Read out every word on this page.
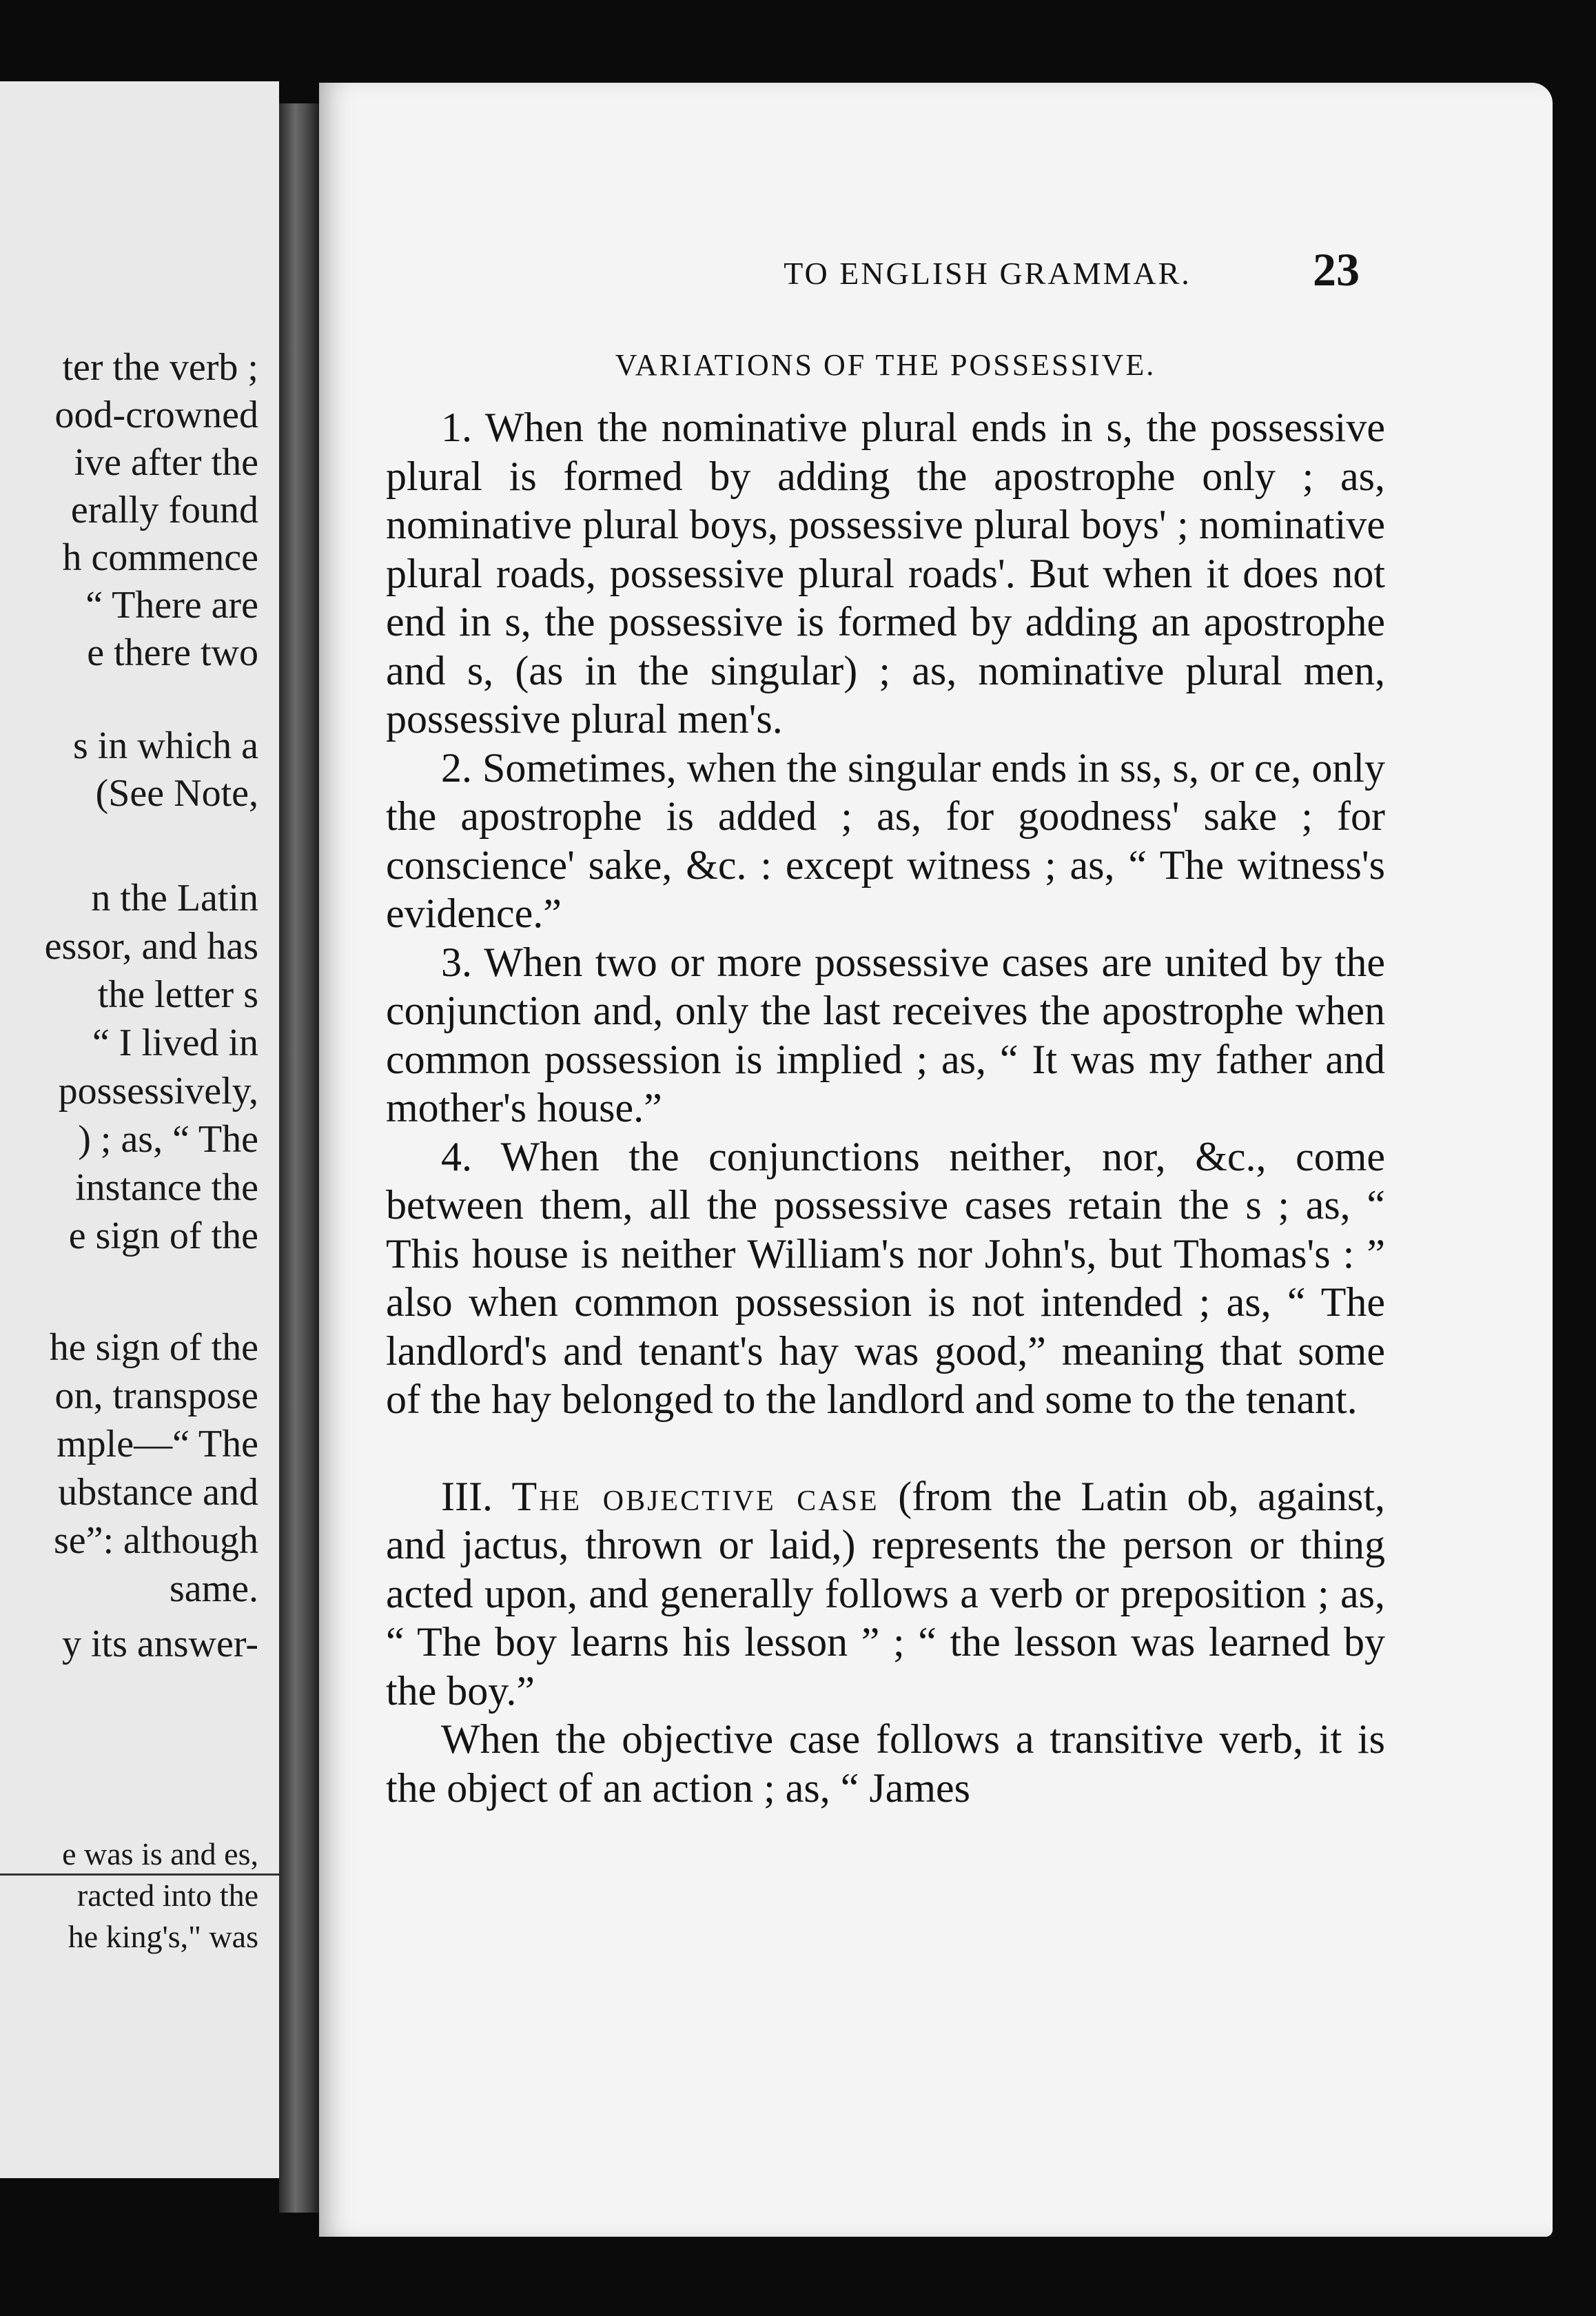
ter the verb ;
ood-crowned
ive after the
erally found
h commence
“ There are
e there two
s in which a
(See Note,
n the Latin
essor, and has
the letter s
“ I lived in
possessively,
) ; as, “ The
instance the
e sign of the
he sign of the
on, transpose
mple—“ The
ubstance and
se”: although
same.
y its answer-
e was is and es,
racted into the
he king's," was
TO ENGLISH GRAMMAR.	23
VARIATIONS OF THE POSSESSIVE.

1. When the nominative plural ends in s, the possessive plural is formed by adding the apostrophe only ; as, nominative plural boys, possessive plural boys' ; nominative plural roads, possessive plural roads'. But when it does not end in s, the possessive is formed by adding an apostrophe and s, (as in the singular) ; as, nominative plural men, possessive plural men's.

2. Sometimes, when the singular ends in ss, s, or ce, only the apostrophe is added ; as, for goodness' sake ; for conscience' sake, &c. : except witness ; as, “ The witness's evidence.”

3. When two or more possessive cases are united by the conjunction and, only the last receives the apostrophe when common possession is implied ; as, “ It was my father and mother's house.”

4. When the conjunctions neither, nor, &c., come between them, all the possessive cases retain the s ; as, “ This house is neither William's nor John's, but Thomas's : ” also when common possession is not intended ; as, “ The landlord's and tenant's hay was good,” meaning that some of the hay belonged to the landlord and some to the tenant.

III. The objective case (from the Latin ob, against, and jactus, thrown or laid,) represents the person or thing acted upon, and generally follows a verb or preposition ; as, “ The boy learns his lesson ” ; “ the lesson was learned by the boy.”

When the objective case follows a transitive verb, it is the object of an action ; as, “ James
